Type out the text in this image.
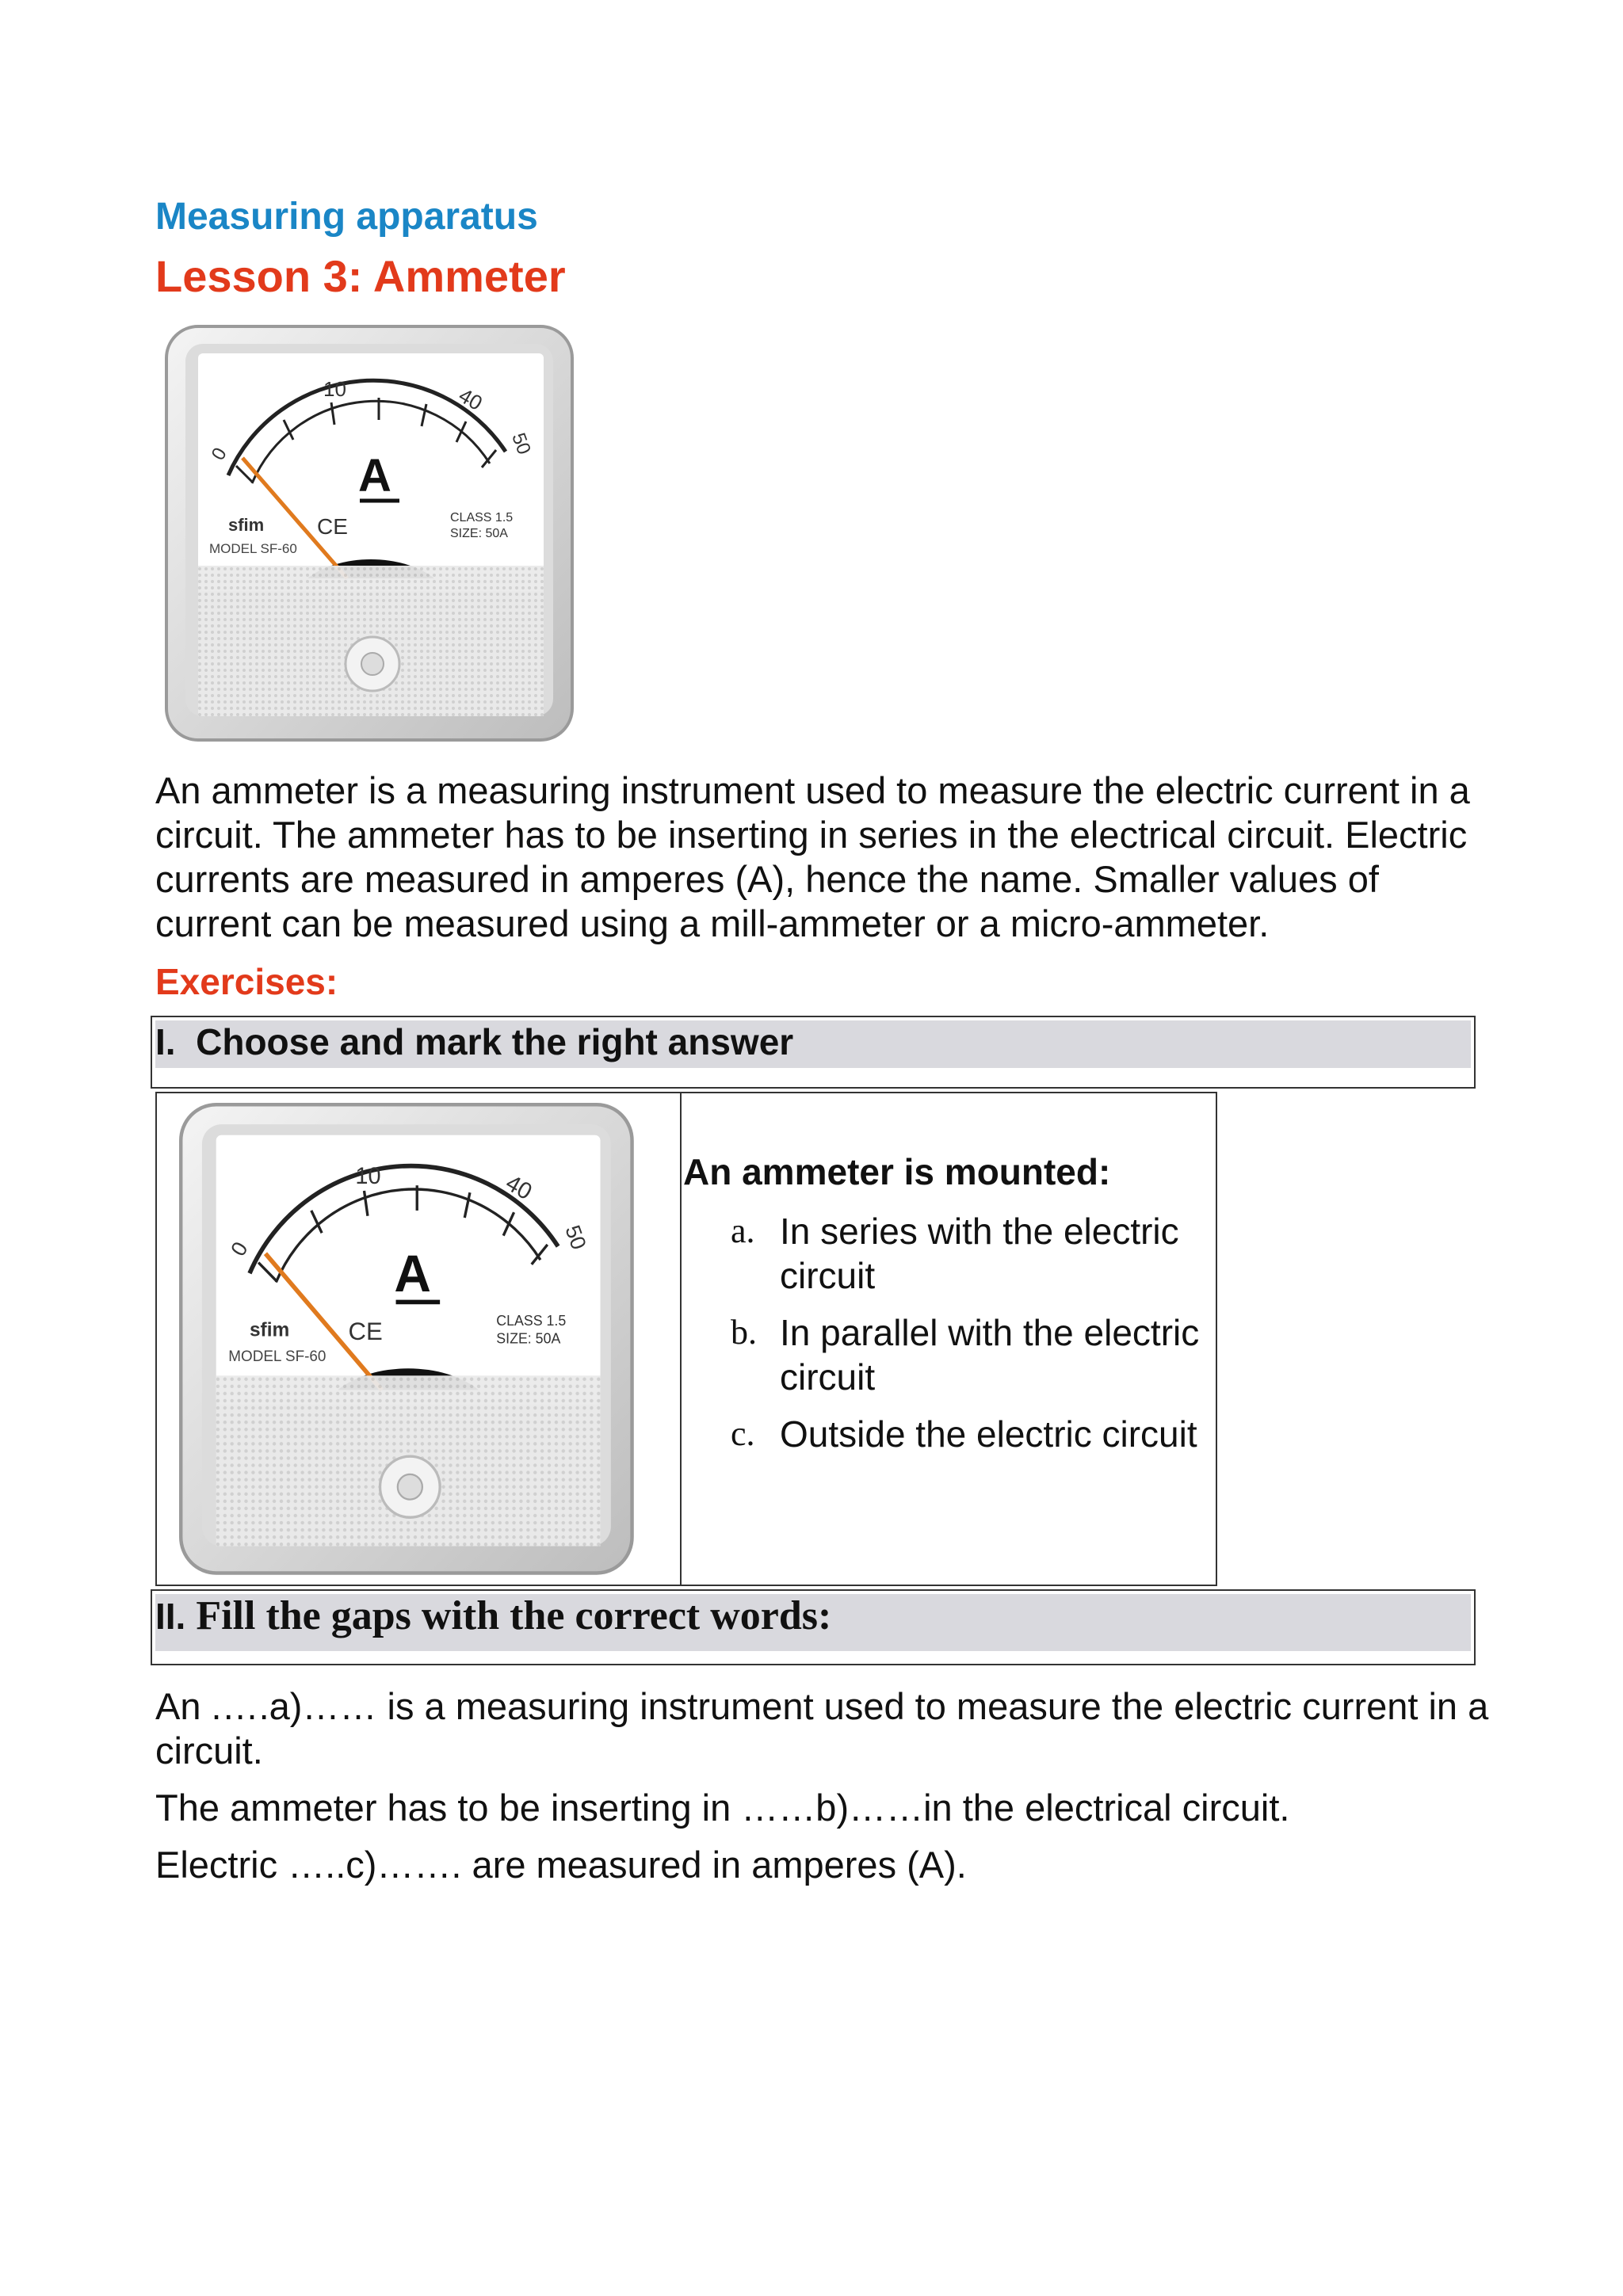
Measuring apparatus
Lesson 3: Ammeter
0
10	40
50
A
sfim
MODEL SF-60
CE	CLASS 1.5
SIZE: 50A
An ammeter is a measuring instrument used to measure the electric current in a circuit. The ammeter has to be inserting in series in the electrical circuit. Electric currents are measured in amperes (A), hence the name. Smaller values of current can be measured using a mill-ammeter or a micro-ammeter.
Exercises:
I. Choose and mark the right answer
0
10	40
50
A
sfim
MODEL SF-60
CE	CLASS 1.5
SIZE: 50A
An ammeter is mounted:
a. In series with the electric circuit
b. In parallel with the electric circuit
c. Outside the electric circuit
II. Fill the gaps with the correct words:
An .….a)…… is a measuring instrument used to measure the electric current in a circuit.
The ammeter has to be inserting in ……b)……in the electrical circuit.
Electric …..c)……. are measured in amperes (A).
